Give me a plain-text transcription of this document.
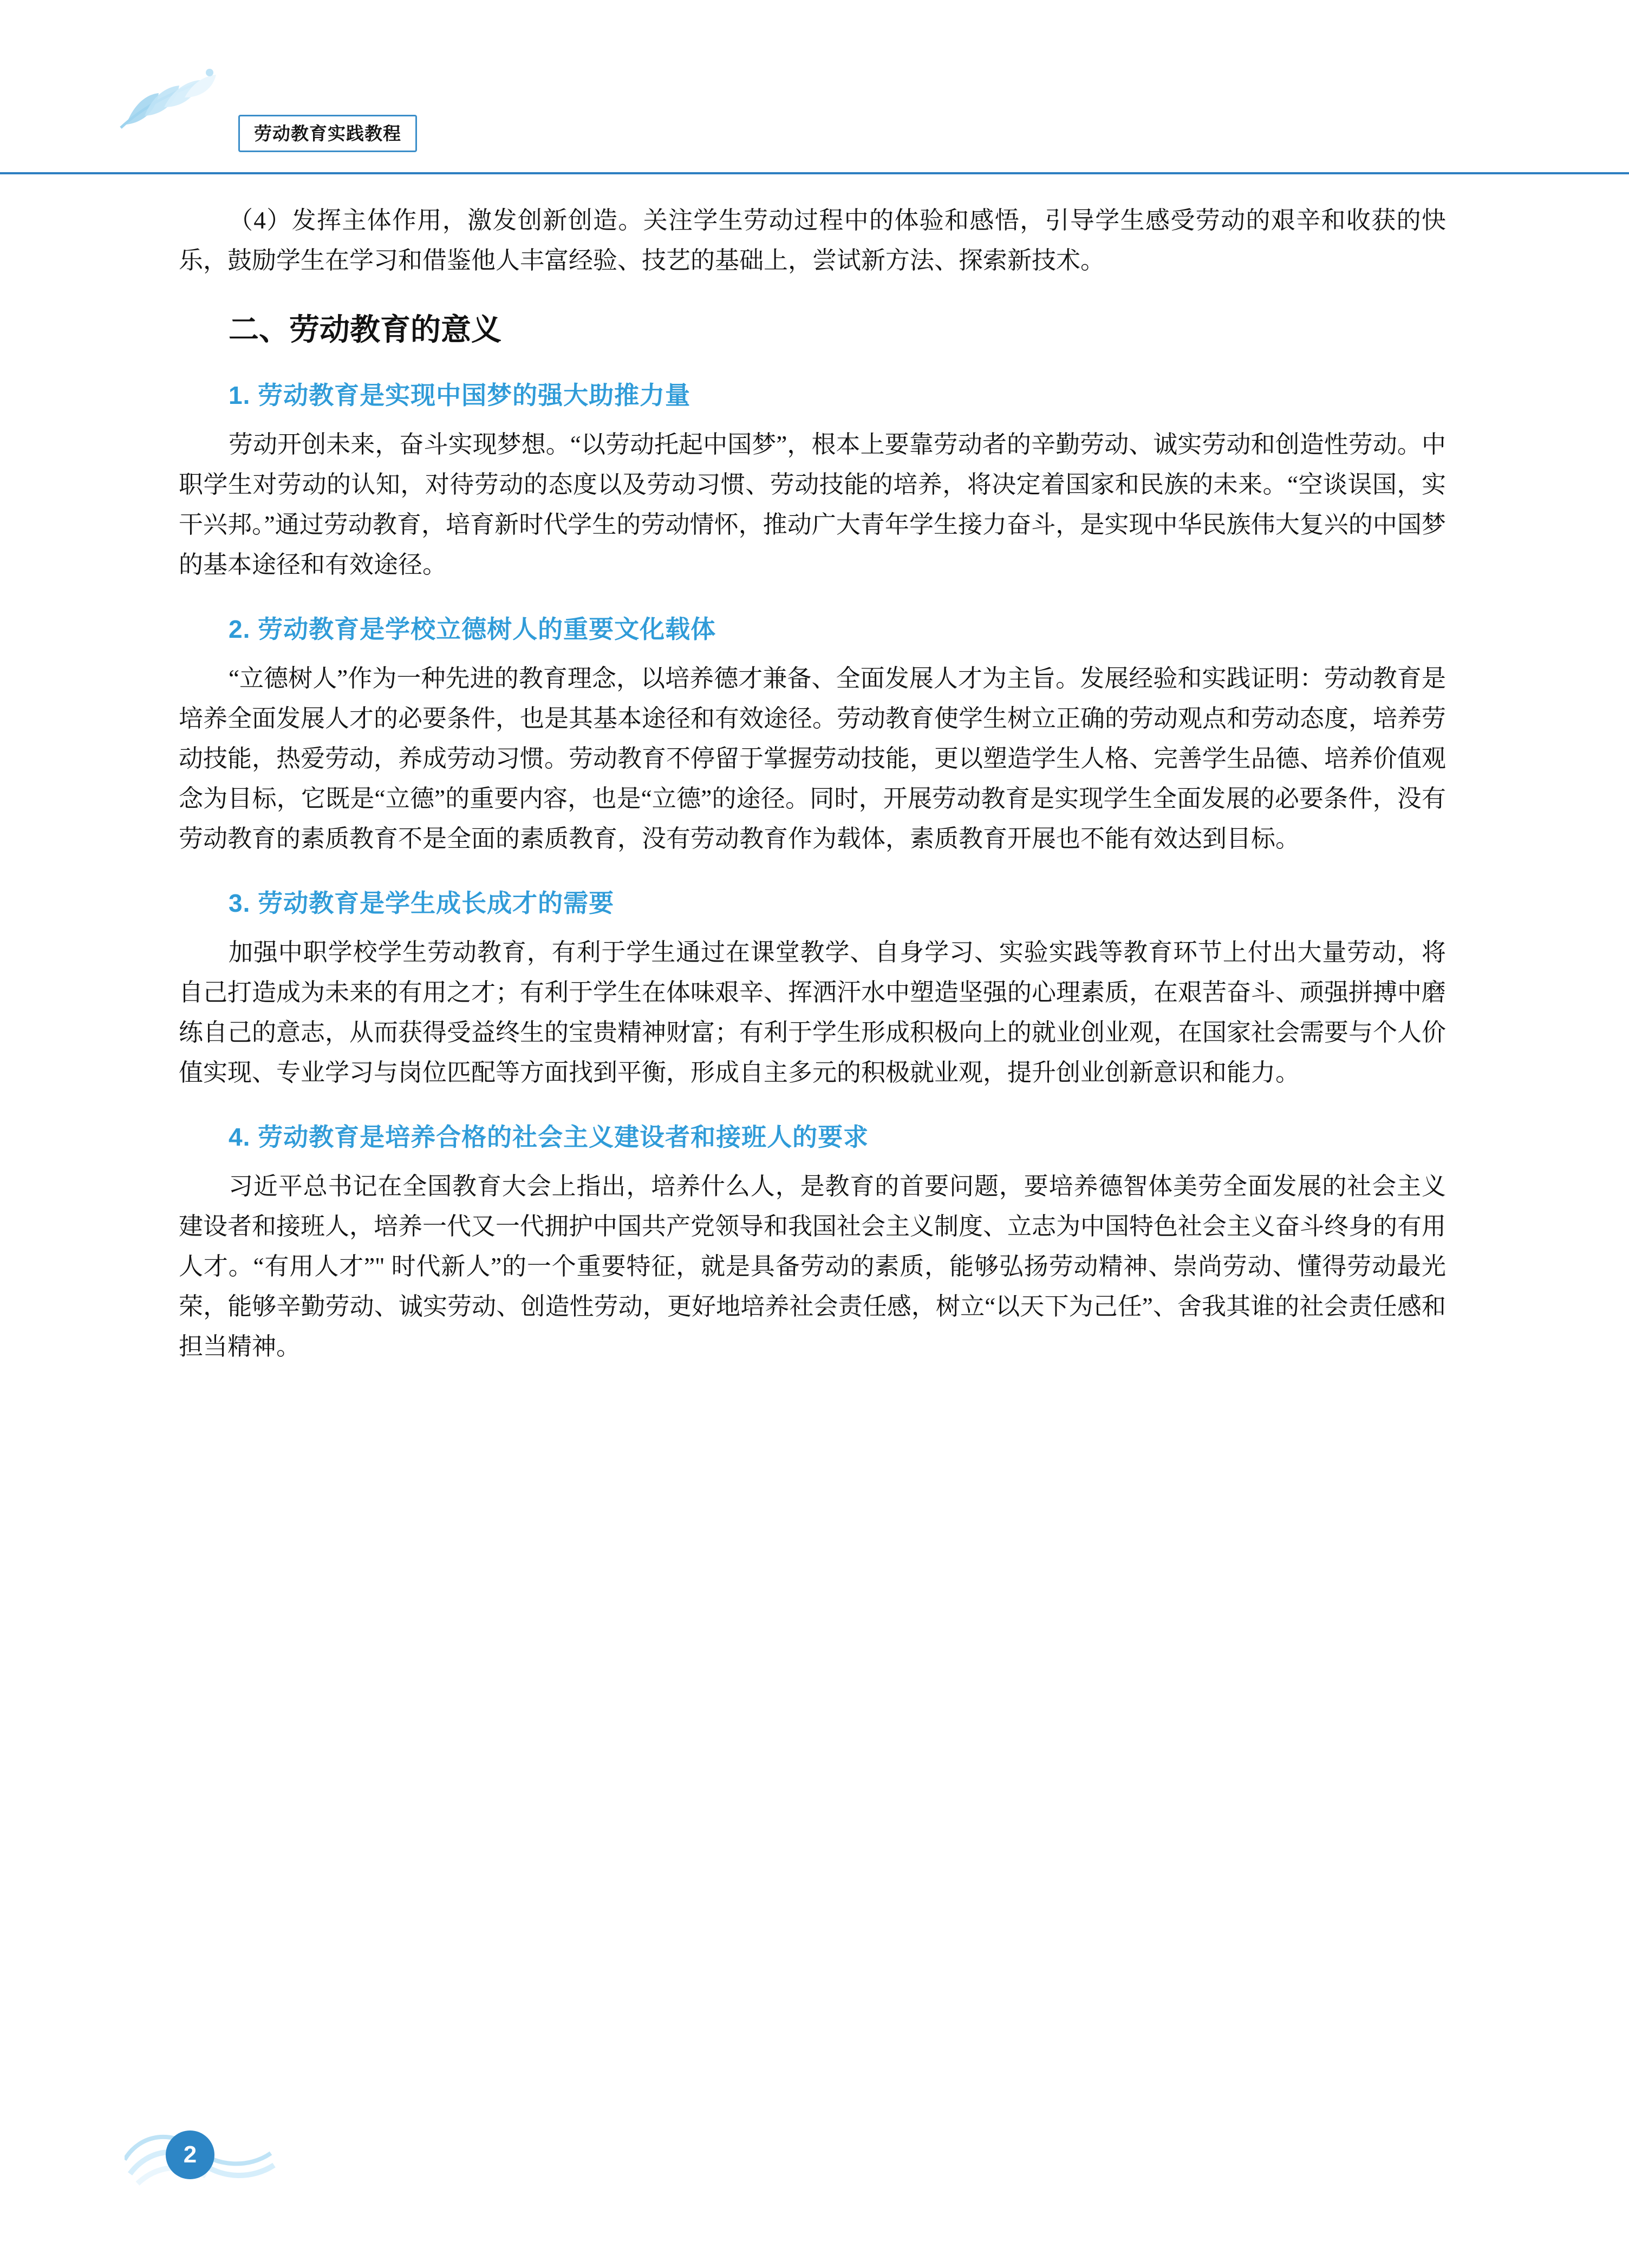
劳动教育实践教程

（4）发挥主体作用，激发创新创造。关注学生劳动过程中的体验和感悟，引导学生感受劳动的艰辛和收获的快乐，鼓励学生在学习和借鉴他人丰富经验、技艺的基础上，尝试新方法、探索新技术。

二、劳动教育的意义
1. 劳动教育是实现中国梦的强大助推力量

劳动开创未来，奋斗实现梦想。“以劳动托起中国梦”，根本上要靠劳动者的辛勤劳动、诚实劳动和创造性劳动。中职学生对劳动的认知，对待劳动的态度以及劳动习惯、劳动技能的培养，将决定着国家和民族的未来。“空谈误国，实干兴邦。”通过劳动教育，培育新时代学生的劳动情怀，推动广大青年学生接力奋斗，是实现中华民族伟大复兴的中国梦的基本途径和有效途径。

2. 劳动教育是学校立德树人的重要文化载体

“立德树人”作为一种先进的教育理念，以培养德才兼备、全面发展人才为主旨。发展经验和实践证明：劳动教育是培养全面发展人才的必要条件，也是其基本途径和有效途径。劳动教育使学生树立正确的劳动观点和劳动态度，培养劳动技能，热爱劳动，养成劳动习惯。劳动教育不停留于掌握劳动技能，更以塑造学生人格、完善学生品德、培养价值观念为目标，它既是“立德”的重要内容，也是“立德”的途径。同时，开展劳动教育是实现学生全面发展的必要条件，没有劳动教育的素质教育不是全面的素质教育，没有劳动教育作为载体，素质教育开展也不能有效达到目标。

3. 劳动教育是学生成长成才的需要

加强中职学校学生劳动教育，有利于学生通过在课堂教学、自身学习、实验实践等教育环节上付出大量劳动，将自己打造成为未来的有用之才；有利于学生在体味艰辛、挥洒汗水中塑造坚强的心理素质，在艰苦奋斗、顽强拼搏中磨练自己的意志，从而获得受益终生的宝贵精神财富；有利于学生形成积极向上的就业创业观，在国家社会需要与个人价值实现、专业学习与岗位匹配等方面找到平衡，形成自主多元的积极就业观，提升创业创新意识和能力。

4. 劳动教育是培养合格的社会主义建设者和接班人的要求

习近平总书记在全国教育大会上指出，培养什么人，是教育的首要问题，要培养德智体美劳全面发展的社会主义建设者和接班人，培养一代又一代拥护中国共产党领导和我国社会主义制度、立志为中国特色社会主义奋斗终身的有用人才。“有用人才”" 时代新人”的一个重要特征，就是具备劳动的素质，能够弘扬劳动精神、崇尚劳动、懂得劳动最光荣，能够辛勤劳动、诚实劳动、创造性劳动，更好地培养社会责任感，树立“以天下为己任”、舍我其谁的社会责任感和担当精神。

2
